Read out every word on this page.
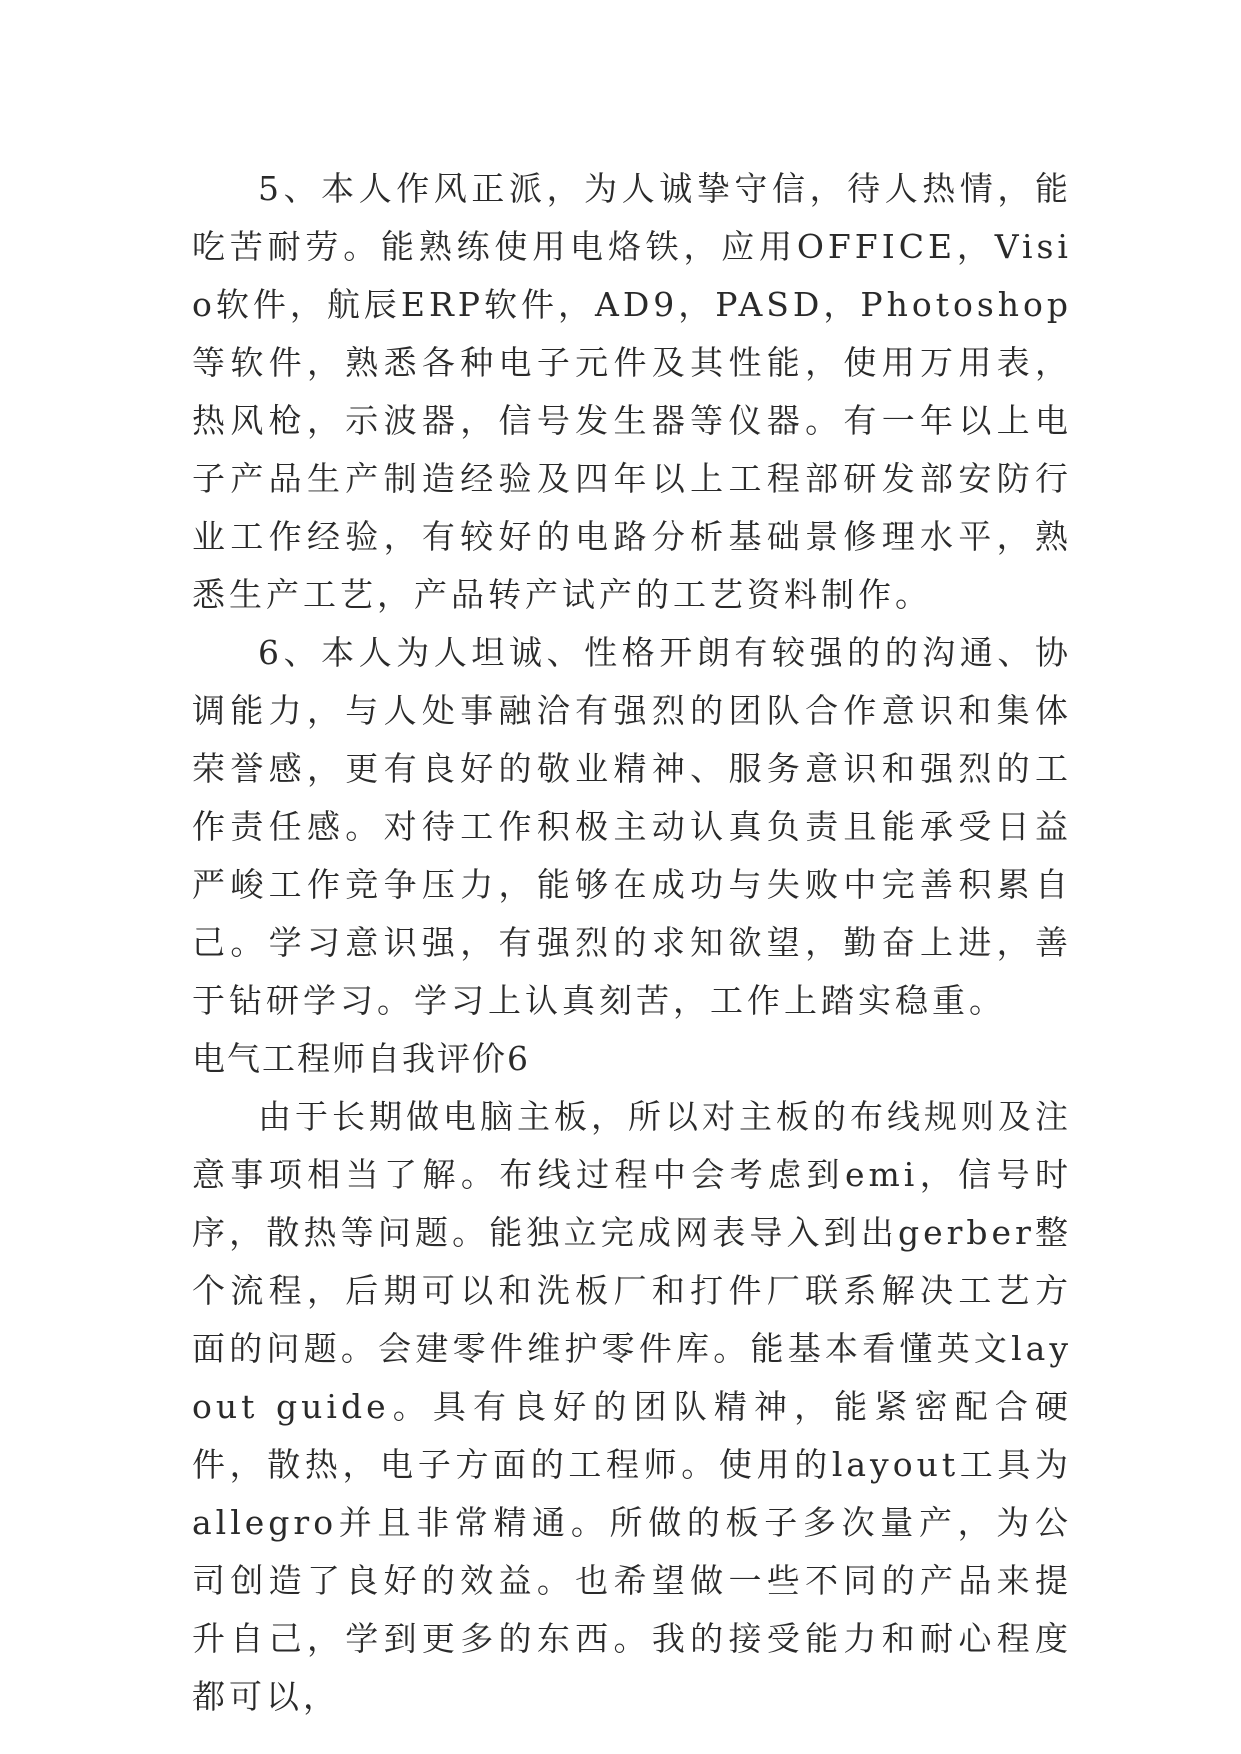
5、本人作风正派，为人诚挚守信，待人热情，能吃苦耐劳。能熟练使用电烙铁，应用OFFICE，Visio软件，航辰ERP软件，AD9，PASD，Photoshop等软件，熟悉各种电子元件及其性能，使用万用表，热风枪，示波器，信号发生器等仪器。有一年以上电子产品生产制造经验及四年以上工程部研发部安防行业工作经验，有较好的电路分析基础景修理水平，熟悉生产工艺，产品转产试产的工艺资料制作。

6、本人为人坦诚、性格开朗有较强的的沟通、协调能力，与人处事融洽有强烈的团队合作意识和集体荣誉感，更有良好的敬业精神、服务意识和强烈的工作责任感。对待工作积极主动认真负责且能承受日益严峻工作竞争压力，能够在成功与失败中完善积累自己。学习意识强，有强烈的求知欲望，勤奋上进，善于钻研学习。学习上认真刻苦，工作上踏实稳重。

电气工程师自我评价6

由于长期做电脑主板，所以对主板的布线规则及注意事项相当了解。布线过程中会考虑到emi，信号时序，散热等问题。能独立完成网表导入到出gerber整个流程，后期可以和洗板厂和打件厂联系解决工艺方面的问题。会建零件维护零件库。能基本看懂英文layout guide。具有良好的团队精神，能紧密配合硬件，散热，电子方面的工程师。使用的layout工具为allegro并且非常精通。所做的板子多次量产，为公司创造了良好的效益。也希望做一些不同的产品来提升自己，学到更多的东西。我的接受能力和耐心程度都可以，
